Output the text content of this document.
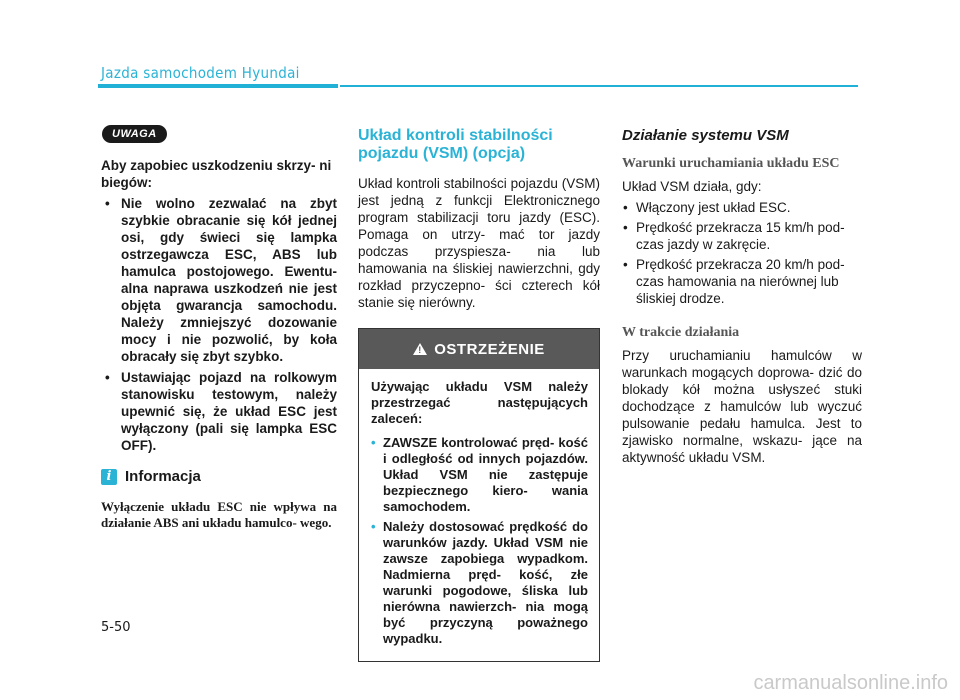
Jazda samochodem Hyundai
UWAGA
Aby zapobiec uszkodzeniu skrzy- ni biegów:
• Nie wolno zezwalać na zbyt szybkie obracanie się kół jednej osi, gdy świeci się lampka ostrzegawcza ESC, ABS lub hamulca postojowego. Ewentu- alna naprawa uszkodzeń nie jest objęta gwarancja samochodu. Należy zmniejszyć dozowanie mocy i nie pozwolić, by koła obracały się zbyt szybko.
• Ustawiając pojazd na rolkowym stanowisku testowym, należy upewnić się, że układ ESC jest wyłączony (pali się lampka ESC OFF).
i Informacja
Wyłączenie układu ESC nie wpływa na działanie ABS ani układu hamulco- wego.
Układ kontroli stabilności pojazdu (VSM) (opcja)
Układ kontroli stabilności pojazdu (VSM) jest jedną z funkcji Elektronicznego program stabilizacji toru jazdy (ESC). Pomaga on utrzy- mać tor jazdy podczas przyspiesza- nia lub hamowania na śliskiej nawierzchni, gdy rozkład przyczepno- ści czterech kół stanie się nierówny.
! OSTRZEŻENIE
Używając układu VSM należy przestrzegać następujących zaleceń:
• ZAWSZE kontrolować pręd- kość i odległość od innych pojazdów. Układ VSM nie zastępuje bezpiecznego kiero- wania samochodem.
• Należy dostosować prędkość do warunków jazdy. Układ VSM nie zawsze zapobiega wypadkom. Nadmierna pręd- kość, złe warunki pogodowe, śliska lub nierówna nawierzch- nia mogą być przyczyną poważnego wypadku.
Działanie systemu VSM
Warunki uruchamiania układu ESC
Układ VSM działa, gdy:
• Włączony jest układ ESC.
• Prędkość przekracza 15 km/h pod- czas jazdy w zakręcie.
• Prędkość przekracza 20 km/h pod- czas hamowania na nierównej lub śliskiej drodze.
W trakcie działania
Przy uruchamianiu hamulców w warunkach mogących doprowa- dzić do blokady kół można usłyszeć stuki dochodzące z hamulców lub wyczuć pulsowanie pedału hamulca. Jest to zjawisko normalne, wskazu- jące na aktywność układu VSM.
5-50
carmanualsonline.info
